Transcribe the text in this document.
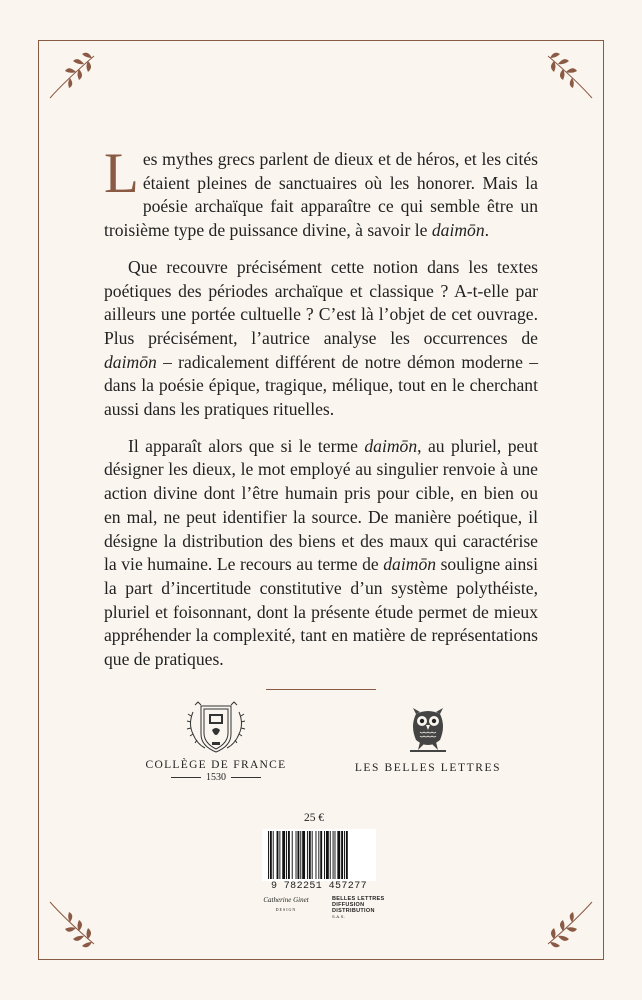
Les mythes grecs parlent de dieux et de héros, et les cités étaient pleines de sanctuaires où les honorer. Mais la poésie archaïque fait apparaître ce qui semble être un troisième type de puissance divine, à savoir le daimōn.

Que recouvre précisément cette notion dans les textes poétiques des périodes archaïque et classique ? A-t-elle par ailleurs une portée cultuelle ? C’est là l’objet de cet ouvrage. Plus précisément, l’autrice analyse les occurrences de daimōn – radicalement différent de notre démon moderne – dans la poésie épique, tragique, mélique, tout en le cherchant aussi dans les pratiques rituelles.

Il apparaît alors que si le terme daimōn, au pluriel, peut désigner les dieux, le mot employé au singulier renvoie à une action divine dont l’être humain pris pour cible, en bien ou en mal, ne peut identifier la source. De manière poétique, il désigne la distribution des biens et des maux qui caractérise la vie humaine. Le recours au terme de daimōn souligne ainsi la part d’incertitude constitutive d’un système polythéiste, pluriel et foisonnant, dont la présente étude permet de mieux appréhender la complexité, tant en matière de représentations que de pratiques.

COLLÈGE DE FRANCE
1530
LES BELLES LETTRES
25 €
9 782251 457277
Catherine Ginet
DESIGN
BELLES LETTRES
DIFFUSION
DISTRIBUTION
S.A.S.
